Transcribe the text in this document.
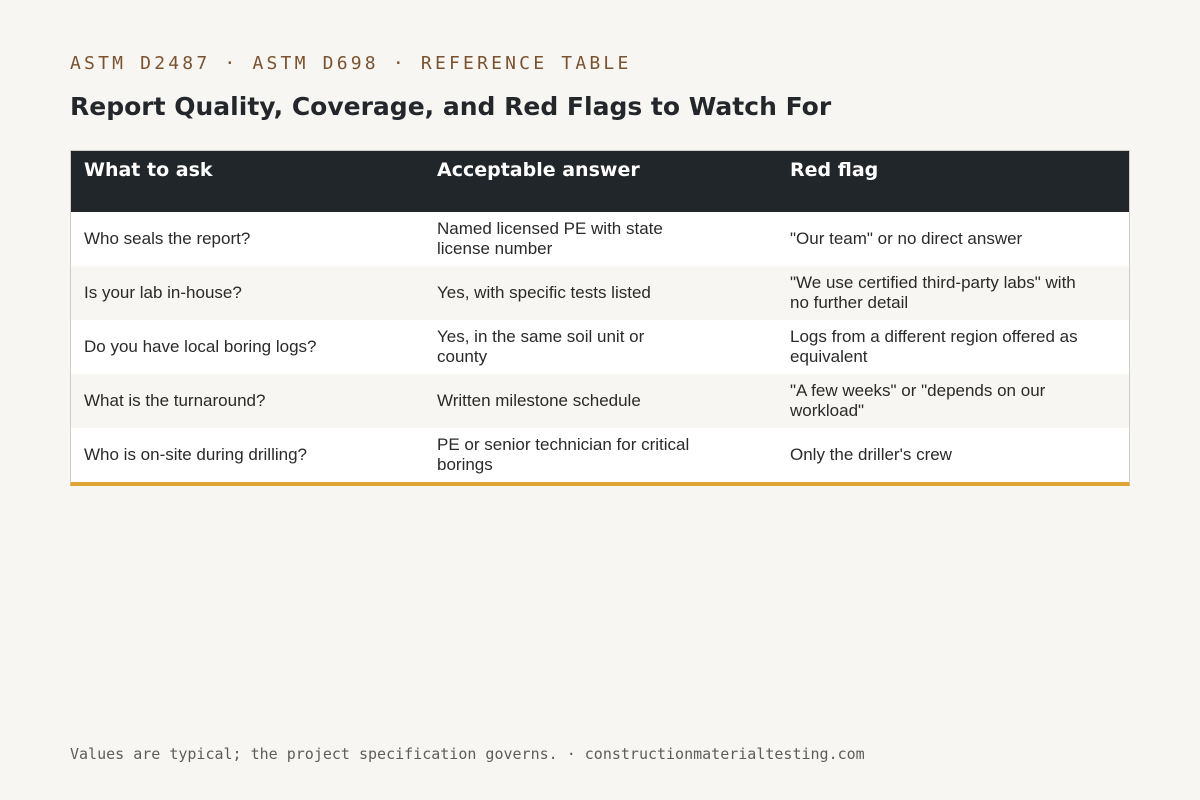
ASTM D2487 · ASTM D698 · REFERENCE TABLE
Report Quality, Coverage, and Red Flags to Watch For
What to ask	Acceptable answer	Red flag

Who seals the report?	Named licensed PE with state license number	"Our team" or no direct answer

Is your lab in-house?	Yes, with specific tests listed	"We use certified third-party labs" with no further detail

Do you have local boring logs?	Yes, in the same soil unit or county	Logs from a different region offered as equivalent

What is the turnaround?	Written milestone schedule	"A few weeks" or "depends on our workload"

Who is on-site during drilling?	PE or senior technician for critical borings	Only the driller's crew
Values are typical; the project specification governs. · constructionmaterialtesting.com
